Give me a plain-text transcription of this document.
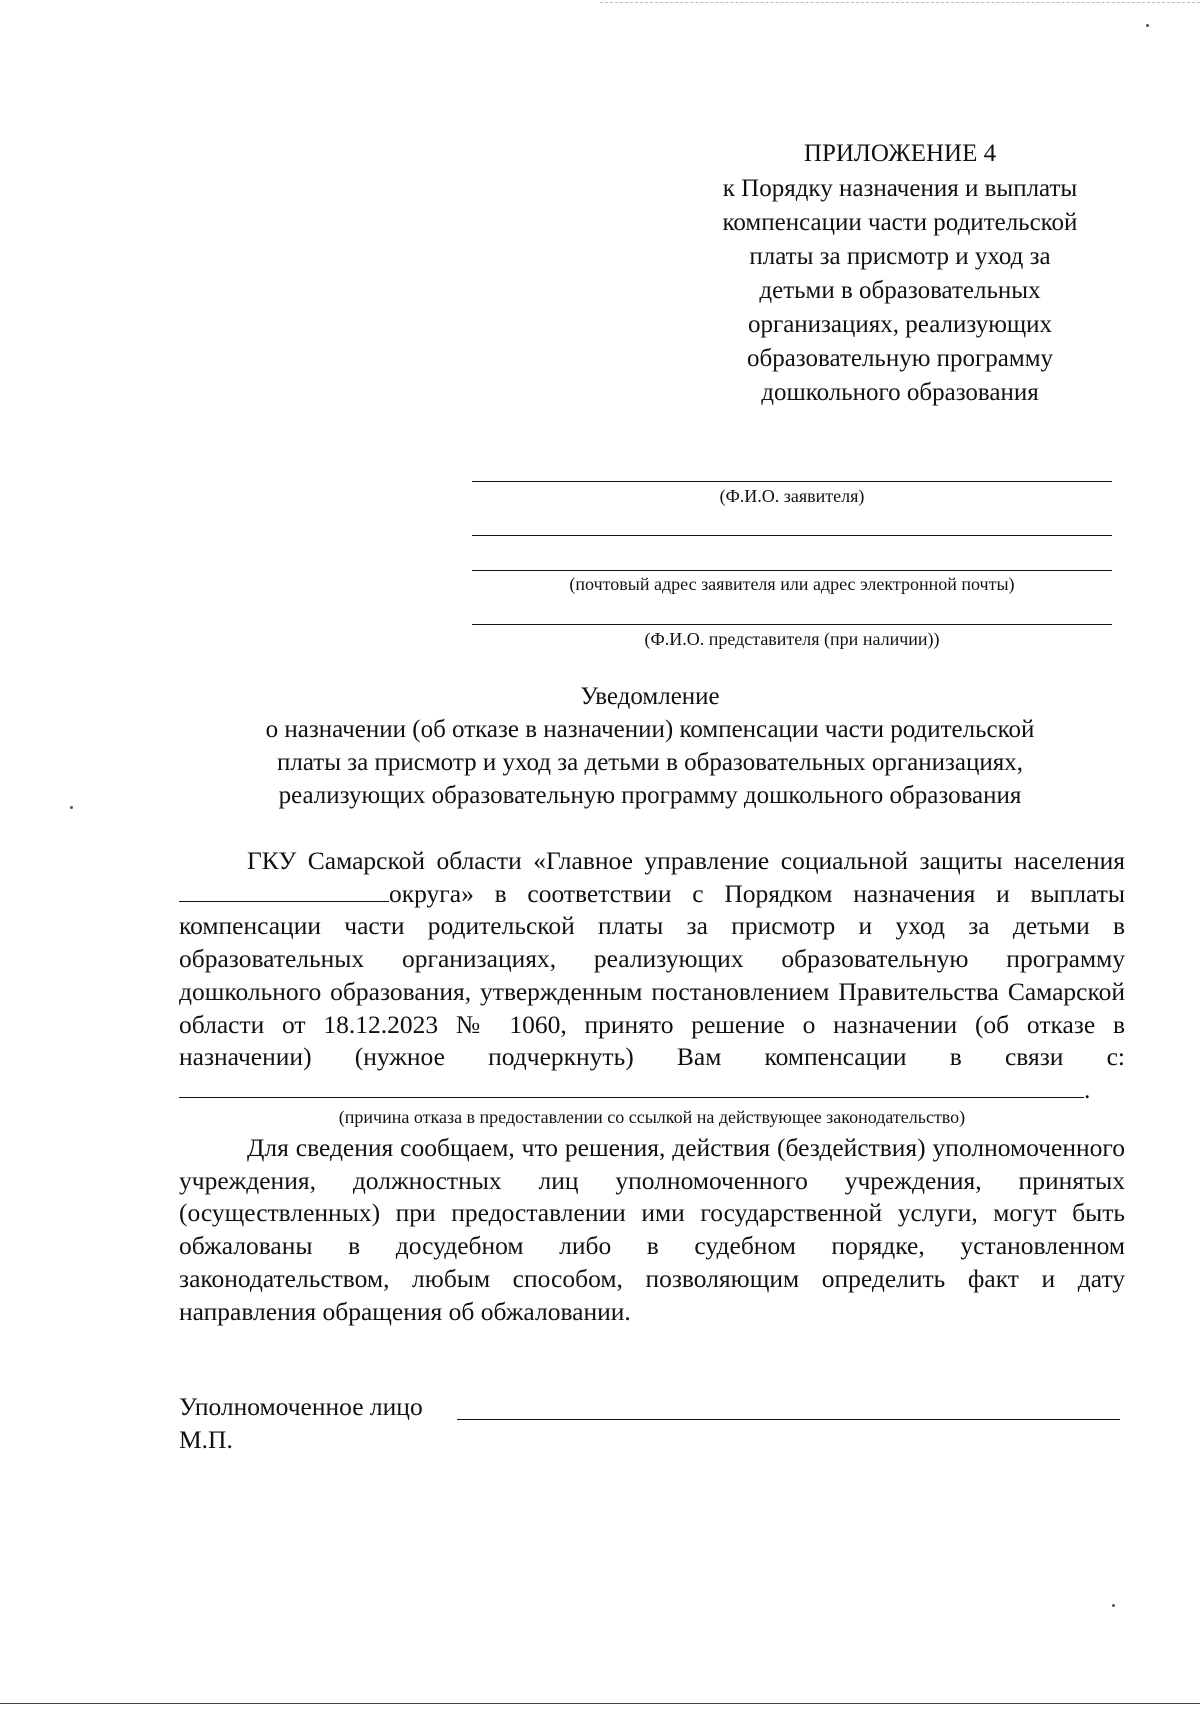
ПРИЛОЖЕНИЕ 4
к Порядку назначения и выплаты
компенсации части родительской
платы за присмотр и уход за
детьми в образовательных
организациях, реализующих
образовательную программу
дошкольного образования
(Ф.И.О. заявителя)
(почтовый адрес заявителя или адрес электронной почты)
(Ф.И.О. представителя (при наличии))
Уведомление
о назначении (об отказе в назначении) компенсации части родительской
платы за присмотр и уход за детьми в образовательных организациях,
реализующих образовательную программу дошкольного образования
ГКУ Самарской области «Главное управление социальной защиты населения округа» в соответствии с Порядком назначения и выплаты компенсации части родительской платы за присмотр и уход за детьми в образовательных организациях, реализующих образовательную программу дошкольного образования, утвержденным постановлением Правительства Самарской области от 18.12.2023 № 1060, принято решение о назначении (об отказе в назначении) (нужное подчеркнуть) Вам компенсации в связи с:.
(причина отказа в предоставлении со ссылкой на действующее законодательство)
Для сведения сообщаем, что решения, действия (бездействия) уполномоченного учреждения, должностных лиц уполномоченного учреждения, принятых (осуществленных) при предоставлении ими государственной услуги, могут быть обжалованы в досудебном либо в судебном порядке, установленном законодательством, любым способом, позволяющим определить факт и дату направления обращения об обжаловании.
Уполномоченное лицо
М.П.
